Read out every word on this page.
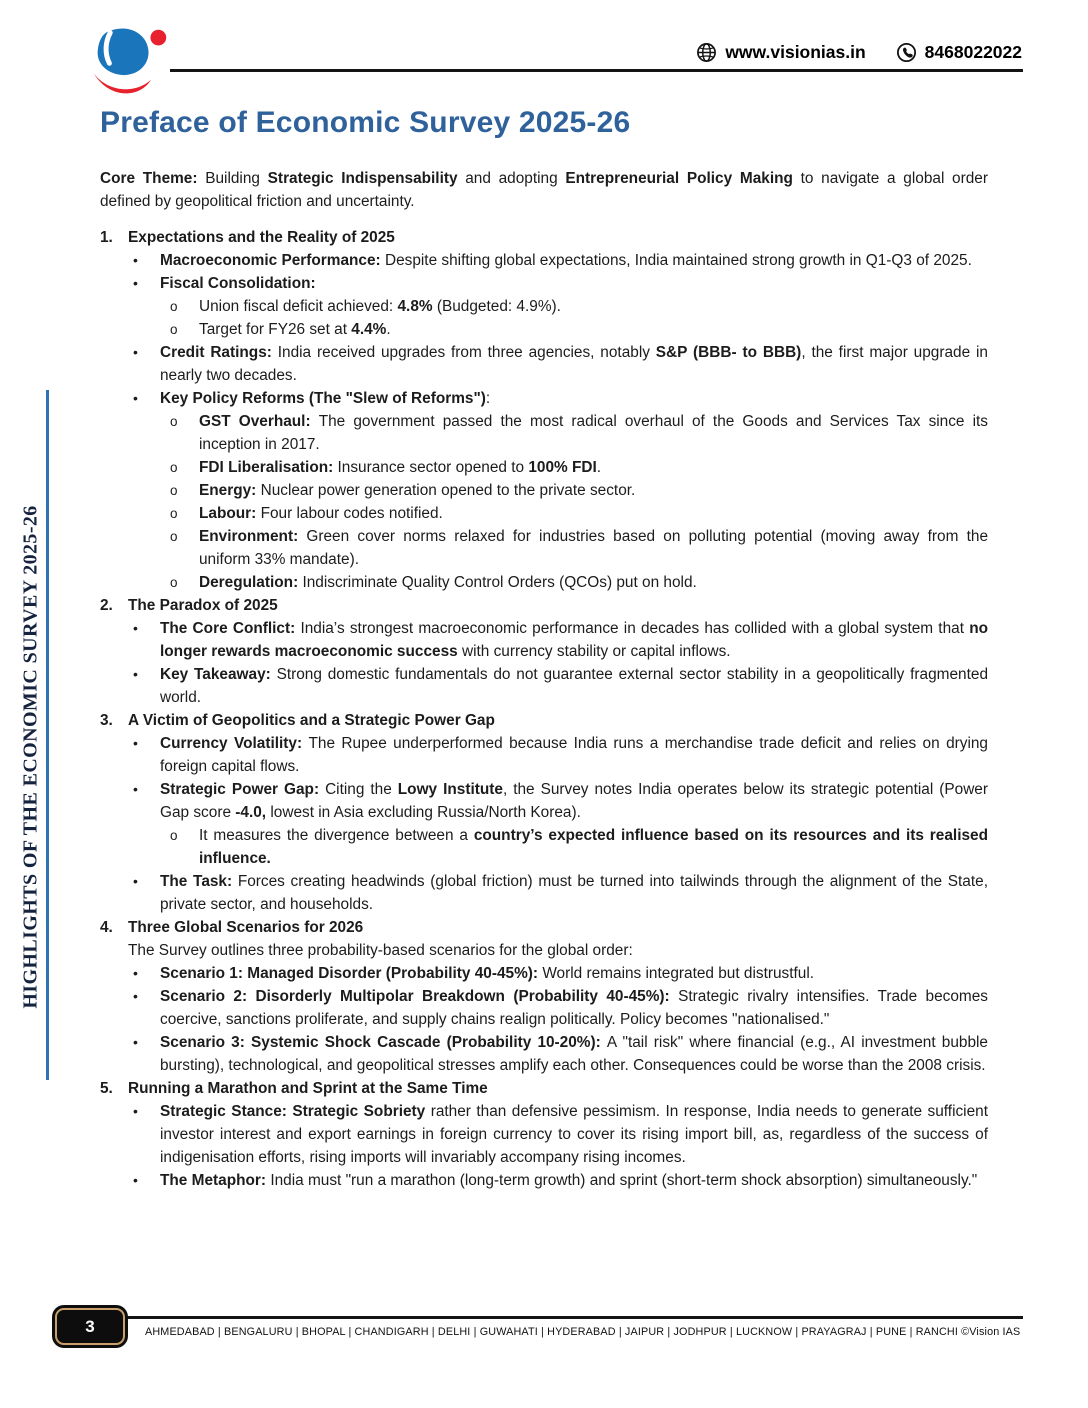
www.visionias.in	8468022022
HIGHLIGHTS OF THE ECONOMIC SURVEY 2025-26
Preface of Economic Survey 2025-26

Core Theme: Building Strategic Indispensability and adopting Entrepreneurial Policy Making to navigate a global order defined by geopolitical friction and uncertainty.

1. Expectations and the Reality of 2025
• Macroeconomic Performance: Despite shifting global expectations, India maintained strong growth in Q1-Q3 of 2025.
• Fiscal Consolidation:
o Union fiscal deficit achieved: 4.8% (Budgeted: 4.9%).
o Target for FY26 set at 4.4%.
• Credit Ratings: India received upgrades from three agencies, notably S&P (BBB- to BBB), the first major upgrade in nearly two decades.
• Key Policy Reforms (The "Slew of Reforms"):
o GST Overhaul: The government passed the most radical overhaul of the Goods and Services Tax since its inception in 2017.
o FDI Liberalisation: Insurance sector opened to 100% FDI.
o Energy: Nuclear power generation opened to the private sector.
o Labour: Four labour codes notified.
o Environment: Green cover norms relaxed for industries based on polluting potential (moving away from the uniform 33% mandate).
o Deregulation: Indiscriminate Quality Control Orders (QCOs) put on hold.
2. The Paradox of 2025
• The Core Conflict: India’s strongest macroeconomic performance in decades has collided with a global system that no longer rewards macroeconomic success with currency stability or capital inflows.
• Key Takeaway: Strong domestic fundamentals do not guarantee external sector stability in a geopolitically fragmented world.
3. A Victim of Geopolitics and a Strategic Power Gap
• Currency Volatility: The Rupee underperformed because India runs a merchandise trade deficit and relies on drying foreign capital flows.
• Strategic Power Gap: Citing the Lowy Institute, the Survey notes India operates below its strategic potential (Power Gap score -4.0, lowest in Asia excluding Russia/North Korea).
o It measures the divergence between a country’s expected influence based on its resources and its realised influence.
• The Task: Forces creating headwinds (global friction) must be turned into tailwinds through the alignment of the State, private sector, and households.
4. Three Global Scenarios for 2026
The Survey outlines three probability-based scenarios for the global order:
• Scenario 1: Managed Disorder (Probability 40-45%): World remains integrated but distrustful.
• Scenario 2: Disorderly Multipolar Breakdown (Probability 40-45%): Strategic rivalry intensifies. Trade becomes coercive, sanctions proliferate, and supply chains realign politically. Policy becomes "nationalised."
• Scenario 3: Systemic Shock Cascade (Probability 10-20%): A "tail risk" where financial (e.g., AI investment bubble bursting), technological, and geopolitical stresses amplify each other. Consequences could be worse than the 2008 crisis.
5. Running a Marathon and Sprint at the Same Time
• Strategic Stance: Strategic Sobriety rather than defensive pessimism. In response, India needs to generate sufficient investor interest and export earnings in foreign currency to cover its rising import bill, as, regardless of the success of indigenisation efforts, rising imports will invariably accompany rising incomes.
• The Metaphor: India must "run a marathon (long-term growth) and sprint (short-term shock absorption) simultaneously."
3	AHMEDABAD | BENGALURU | BHOPAL | CHANDIGARH | DELHI | GUWAHATI | HYDERABAD | JAIPUR | JODHPUR | LUCKNOW | PRAYAGRAJ | PUNE | RANCHI ©Vision IAS
